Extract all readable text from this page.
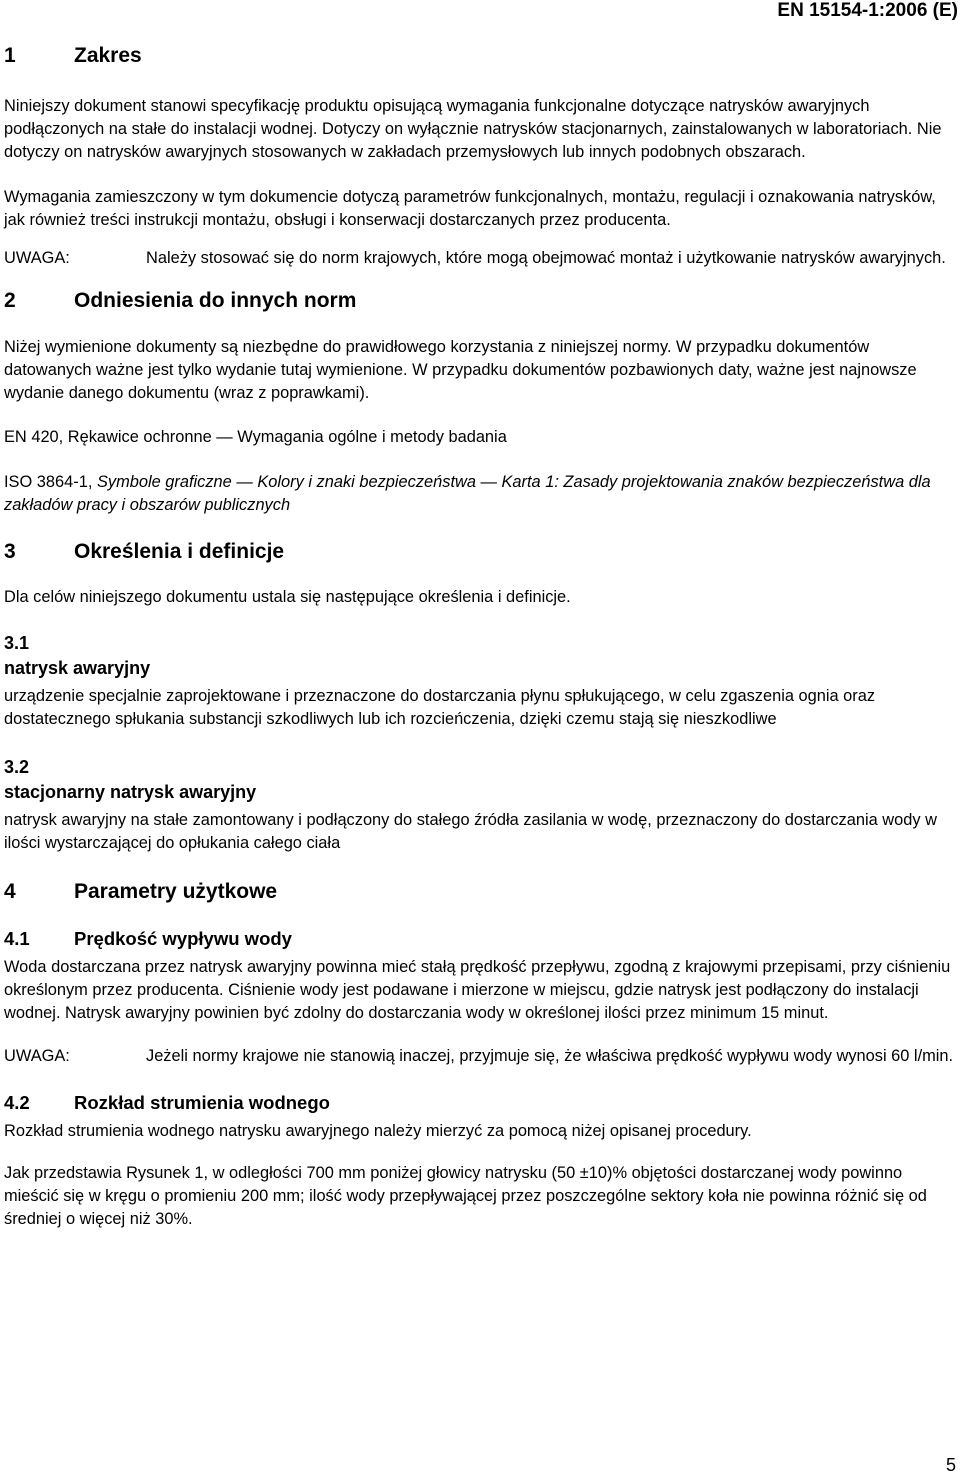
EN 15154-1:2006 (E)
1	Zakres

Niniejszy dokument stanowi specyfikację produktu opisującą wymagania funkcjonalne dotyczące natrysków awaryjnych podłączonych na stałe do instalacji wodnej. Dotyczy on wyłącznie natrysków stacjonarnych, zainstalowanych w laboratoriach. Nie dotyczy on natrysków awaryjnych stosowanych w zakładach przemysłowych lub innych podobnych obszarach.

Wymagania zamieszczony w tym dokumencie dotyczą parametrów funkcjonalnych, montażu, regulacji i oznakowania natrysków, jak również treści instrukcji montażu, obsługi i konserwacji dostarczanych przez producenta.

UWAGA:	Należy stosować się do norm krajowych, które mogą obejmować montaż i użytkowanie natrysków awaryjnych.
2	Odniesienia do innych norm

Niżej wymienione dokumenty są niezbędne do prawidłowego korzystania z niniejszej normy. W przypadku dokumentów datowanych ważne jest tylko wydanie tutaj wymienione. W przypadku dokumentów pozbawionych daty, ważne jest najnowsze wydanie danego dokumentu (wraz z poprawkami).

EN 420, Rękawice ochronne — Wymagania ogólne i metody badania

ISO 3864-1, Symbole graficzne — Kolory i znaki bezpieczeństwa — Karta 1: Zasady projektowania znaków bezpieczeństwa dla zakładów pracy i obszarów publicznych

3	Określenia i definicje

Dla celów niniejszego dokumentu ustala się następujące określenia i definicje.

3.1
natrysk awaryjny

urządzenie specjalnie zaprojektowane i przeznaczone do dostarczania płynu spłukującego, w celu zgaszenia ognia oraz dostatecznego spłukania substancji szkodliwych lub ich rozcieńczenia, dzięki czemu stają się nieszkodliwe

3.2
stacjonarny natrysk awaryjny

natrysk awaryjny na stałe zamontowany i podłączony do stałego źródła zasilania w wodę, przeznaczony do dostarczania wody w ilości wystarczającej do opłukania całego ciała

4	Parametry użytkowe
4.1	Prędkość wypływu wody

Woda dostarczana przez natrysk awaryjny powinna mieć stałą prędkość przepływu, zgodną z krajowymi przepisami, przy ciśnieniu określonym przez producenta. Ciśnienie wody jest podawane i mierzone w miejscu, gdzie natrysk jest podłączony do instalacji wodnej. Natrysk awaryjny powinien być zdolny do dostarczania wody w określonej ilości przez minimum 15 minut.

UWAGA:	Jeżeli normy krajowe nie stanowią inaczej, przyjmuje się, że właściwa prędkość wypływu wody wynosi 60 l/min.
4.2	Rozkład strumienia wodnego

Rozkład strumienia wodnego natrysku awaryjnego należy mierzyć za pomocą niżej opisanej procedury.

Jak przedstawia Rysunek 1, w odległości 700 mm poniżej głowicy natrysku (50 ±10)% objętości dostarczanej wody powinno mieścić się w kręgu o promieniu 200 mm; ilość wody przepływającej przez poszczególne sektory koła nie powinna różnić się od średniej o więcej niż 30%.

5
